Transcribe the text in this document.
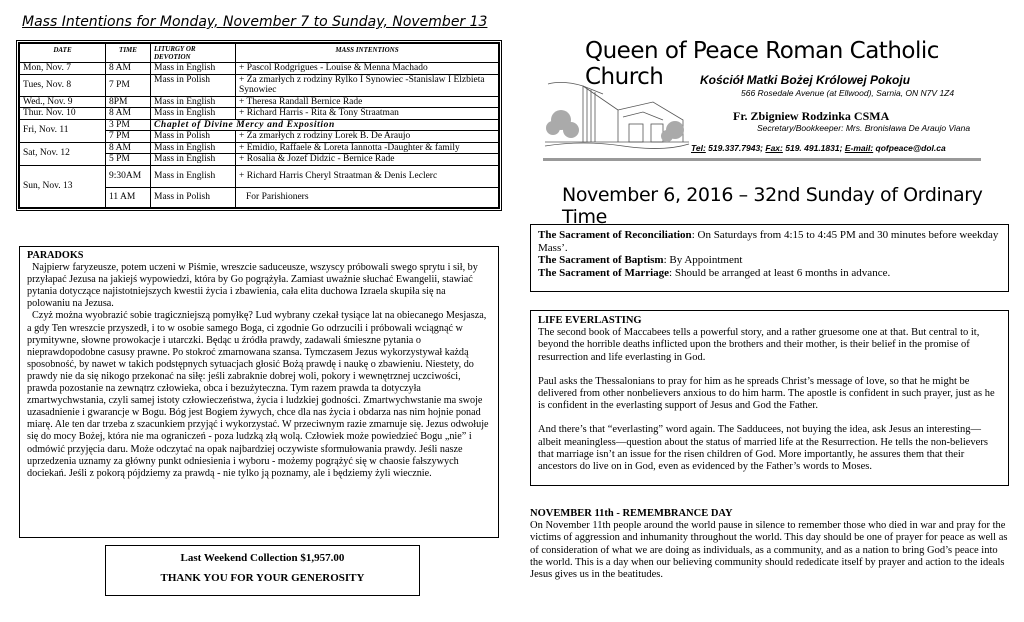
Mass Intentions for Monday, November 7 to Sunday, November 13
DATE	TIME	LITURGY OR DEVOTION	MASS INTENTIONS
Mon, Nov. 7	8 AM	Mass in English	+ Pascol Rodgrigues - Louise & Menna Machado
Tues, Nov. 8	7 PM	Mass in Polish	+ Za zmarłych z rodziny Rylko I Synowiec -Stanislaw I Elzbieta Synowiec
Wed., Nov. 9	8PM	Mass in English	+ Theresa Randall Bernice Rade
Thur. Nov. 10	8 AM	Mass in English	+ Richard Harris - Rita & Tony Straatman
Fri, Nov. 11	3 PM	Chaplet of Divine Mercy and Exposition	
	7 PM	Mass in Polish	+ Za zmarłych z rodziny Lorek B. De Araujo
Sat, Nov. 12	8 AM	Mass in English	+ Emidio, Raffaele & Loreta Iannotta -Daughter & family
	5 PM	Mass in English	+ Rosalia & Jozef Didzic - Bernice Rade
Sun, Nov. 13	9:30AM	Mass in English	+ Richard Harris Cheryl Straatman & Denis Leclerc
	11 AM	Mass in Polish	For Parishioners
Queen of Peace Roman Catholic Church	Kościół Matki Bożej Królowej Pokoju
566 Rosedale Avenue (at Ellwood), Sarnia, ON N7V 1Z4
Fr. Zbigniew Rodzinka CSMA
Secretary/Bookkeeper: Mrs. Bronisława De Araujo Viana
Tel: 519.337.7943; Fax: 519. 491.1831; E-mail: qofpeace@dol.ca
November 6, 2016 – 32nd Sunday of Ordinary Time

The Sacrament of Reconciliation: On Saturdays from 4:15 to 4:45 PM and 30 minutes before weekday Mass’.

The Sacrament of Baptism: By Appointment

The Sacrament of Marriage: Should be arranged at least 6 months in advance.

LIFE EVERLASTING

The second book of Maccabees tells a powerful story, and a rather gruesome one at that. But central to it, beyond the horrible deaths inflicted upon the brothers and their mother, is their belief in the promise of resurrection and life everlasting in God.

Paul asks the Thessalonians to pray for him as he spreads Christ’s message of love, so that he might be delivered from other nonbelievers anxious to do him harm. The apostle is confident in such prayer, just as he is confident in the everlasting support of Jesus and God the Father.

And there’s that “everlasting” word again. The Sadducees, not buying the idea, ask Jesus an interesting—albeit meaningless—question about the status of married life at the Resurrection. He tells the non-believers that marriage isn’t an issue for the risen children of God. More importantly, he assures them that their ancestors do live on in God, even as evidenced by the Father’s words to Moses.

PARADOKS

Najpierw faryzeusze, potem uczeni w Piśmie, wreszcie saduceusze, wszyscy próbowali swego sprytu i sił, by przyłapać Jezusa na jakiejś wypowiedzi, która by Go pogrążyła. Zamiast uważnie słuchać Ewangelii, stawiać pytania dotyczące najistotniejszych kwestii życia i zbawienia, cała elita duchowa Izraela skupiła się na polowaniu na Jezusa.

Czyż można wyobrazić sobie tragiczniejszą pomyłkę? Lud wybrany czekał tysiące lat na obiecanego Mesjasza, a gdy Ten wreszcie przyszedł, i to w osobie samego Boga, ci zgodnie Go odrzucili i próbowali wciągnąć w prymitywne, słowne prowokacje i utarczki. Będąc u źródła prawdy, zadawali śmieszne pytania o nieprawdopodobne casusy prawne. Po stokroć zmarnowana szansa. Tymczasem Jezus wykorzystywał każdą sposobność, by nawet w takich podstępnych sytuacjach głosić Bożą prawdę i naukę o zbawieniu. Niestety, do prawdy nie da się nikogo przekonać na siłę: jeśli zabraknie dobrej woli, pokory i wewnętrznej uczciwości, prawda pozostanie na zewnątrz człowieka, obca i bezużyteczna. Tym razem prawda ta dotyczyła zmartwychwstania, czyli samej istoty człowieczeństwa, życia i ludzkiej godności. Zmartwychwstanie ma swoje uzasadnienie i gwarancje w Bogu. Bóg jest Bogiem żywych, chce dla nas życia i obdarza nas nim hojnie ponad miarę. Ale ten dar trzeba z szacunkiem przyjąć i wykorzystać. W przeciwnym razie zmarnuje się. Jezus odwołuje się do mocy Bożej, która nie ma ograniczeń - poza ludzką złą wolą. Człowiek może powiedzieć Bogu „nie” i odmówić przyjęcia daru. Może odczytać na opak najbardziej oczywiste sformułowania prawdy. Jeśli nasze uprzedzenia uznamy za główny punkt odniesienia i wyboru - możemy pogrążyć się w chaosie fałszywych dociekań. Jeśli z pokorą pójdziemy za prawdą - nie tylko ją poznamy, ale i będziemy żyli wiecznie.

Last Weekend Collection $1,957.00

THANK YOU FOR YOUR GENEROSITY

NOVEMBER 11th - REMEMBRANCE DAY

On November 11th people around the world pause in silence to remember those who died in war and pray for the victims of aggression and inhumanity throughout the world. This day should be one of prayer for peace as well as of consideration of what we are doing as individuals, as a community, and as a nation to bring God’s peace into the world. This is a day when our believing community should rededicate itself by prayer and action to the ideals Jesus gives us in the beatitudes.
